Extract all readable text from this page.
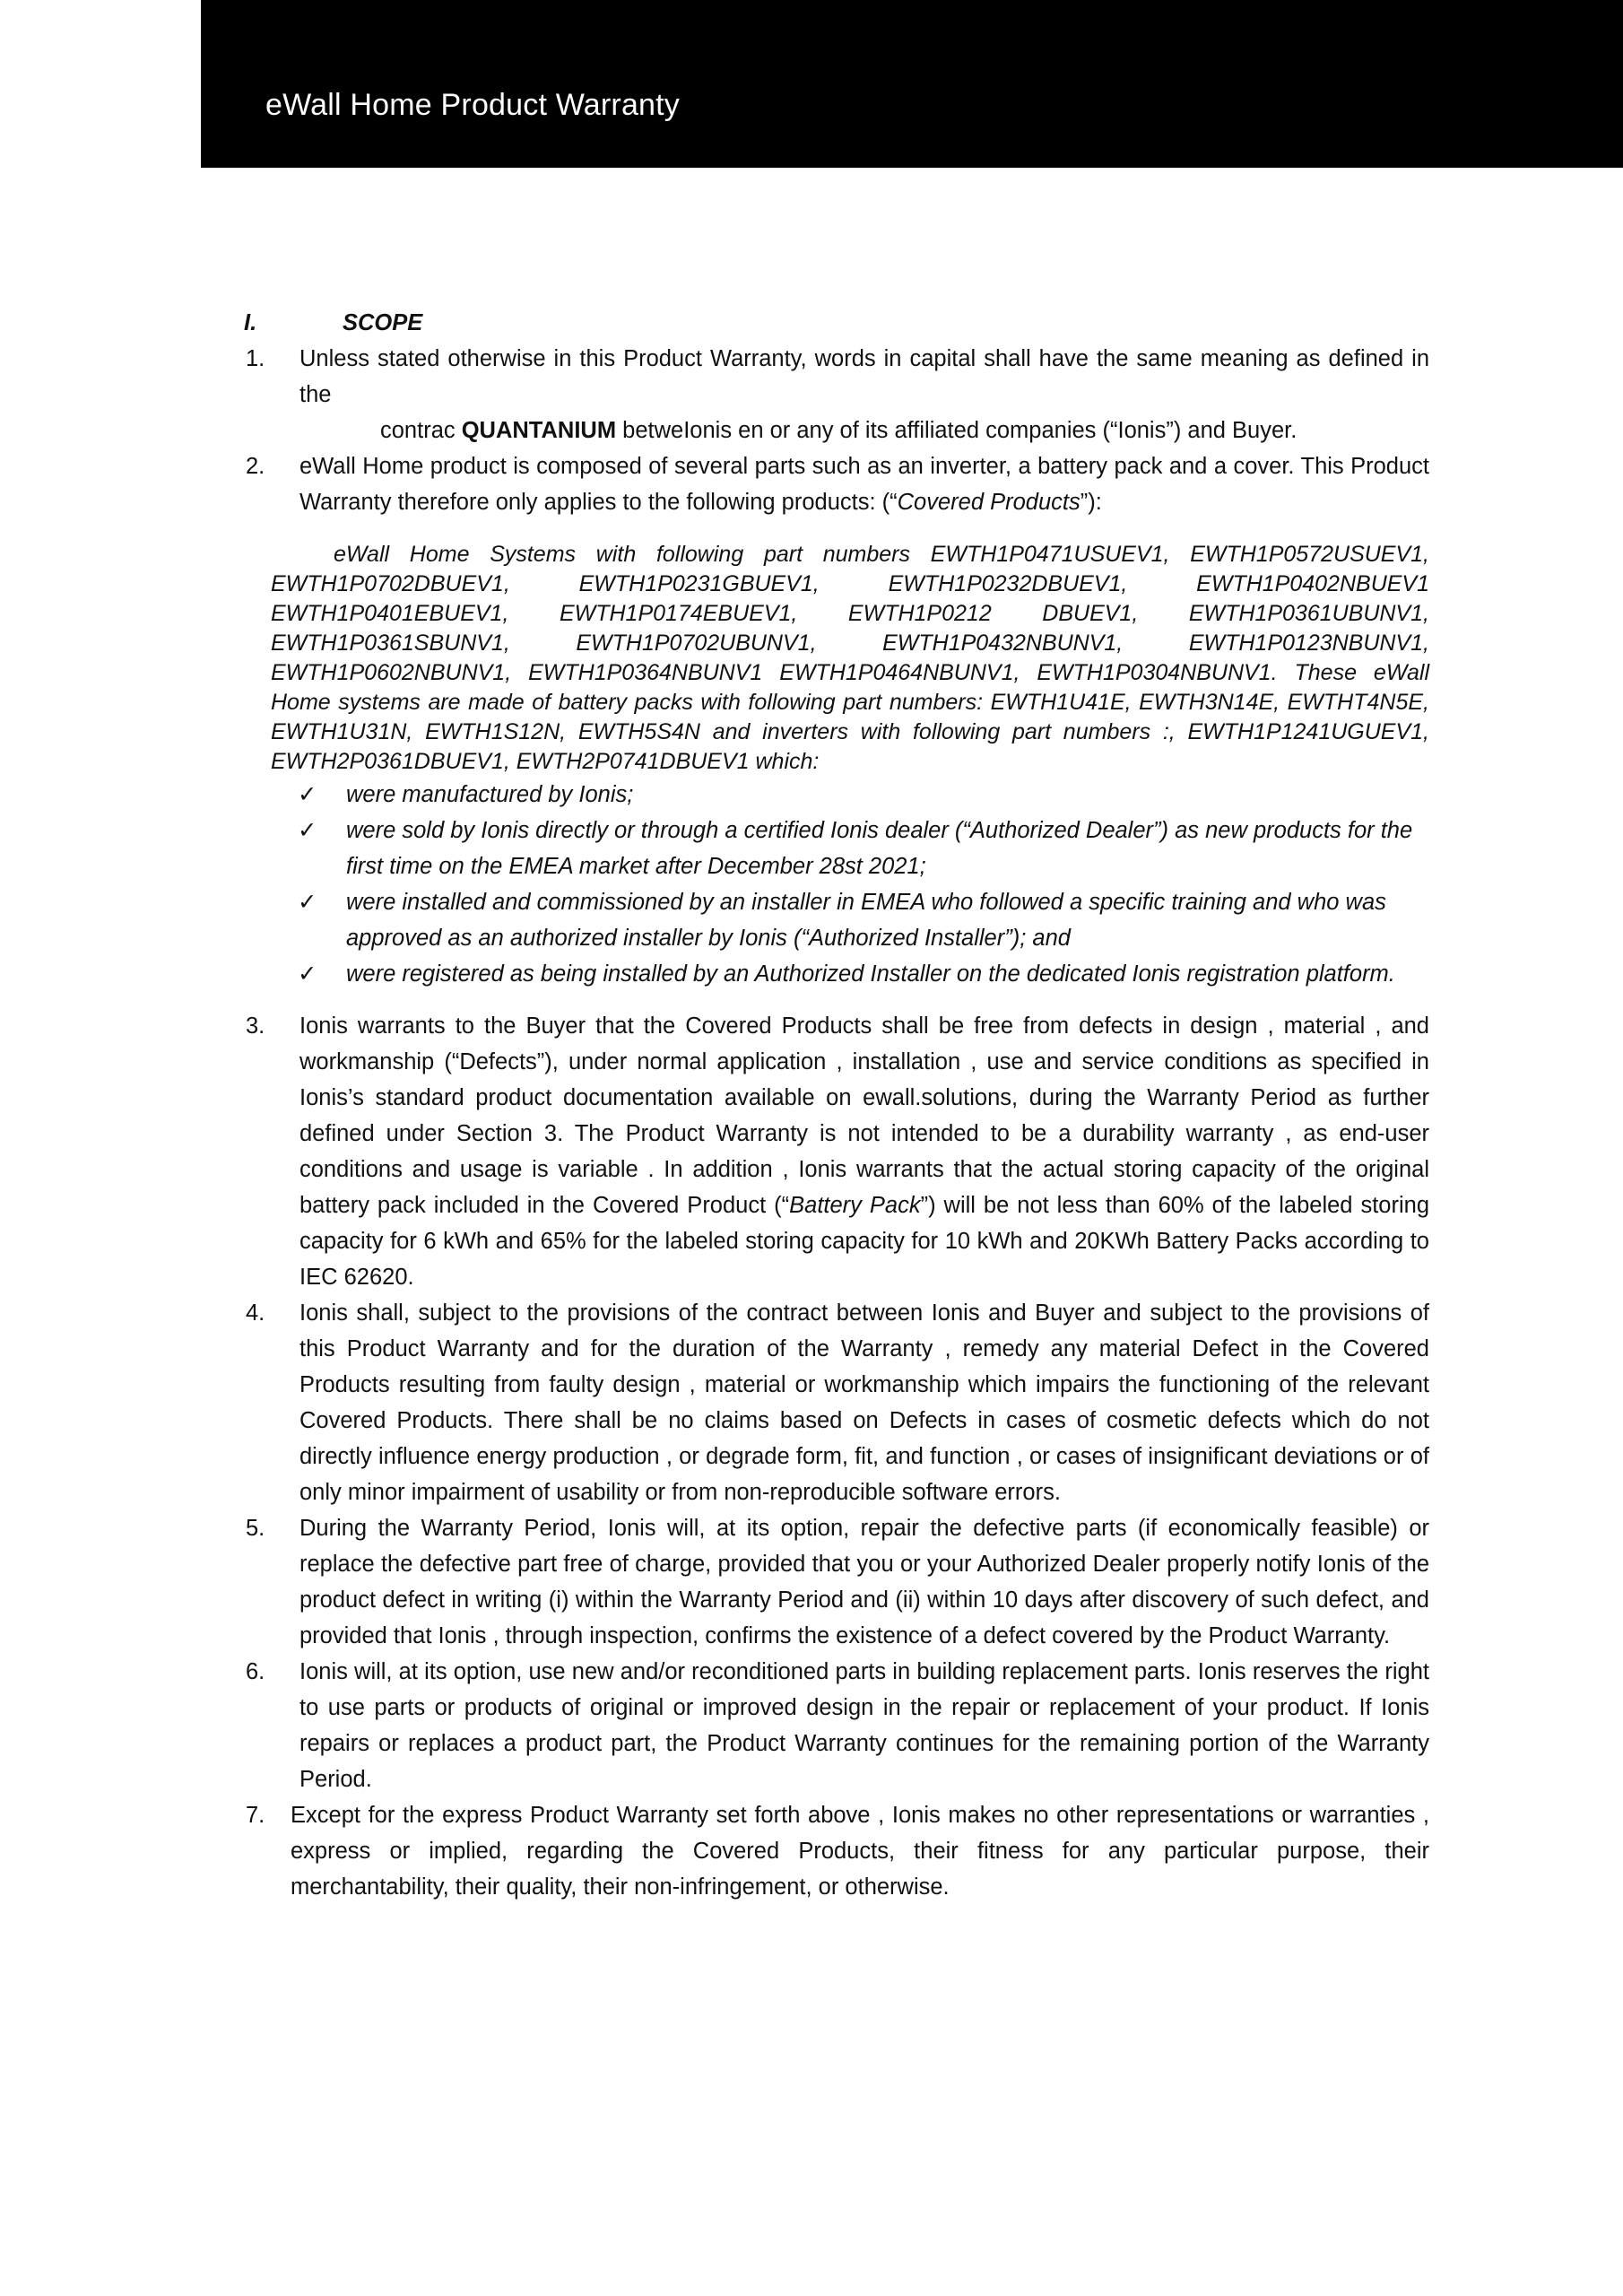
eWall Home Product Warranty
I.	SCOPE
1.	Unless stated otherwise in this Product Warranty, words in capital shall have the same meaning as defined in the
contrac QUANTANIUM betweIonis en or any of its affiliated companies (“Ionis”) and Buyer.
2.	eWall Home product is composed of several parts such as an inverter, a battery pack and a cover. This Product Warranty therefore only applies to the following products: (“Covered Products”):
eWall Home Systems with following part numbers EWTH1P0471USUEV1, EWTH1P0572USUEV1, EWTH1P0702DBUEV1, EWTH1P0231GBUEV1, EWTH1P0232DBUEV1, EWTH1P0402NBUEV1 EWTH1P0401EBUEV1, EWTH1P0174EBUEV1, EWTH1P0212 DBUEV1, EWTH1P0361UBUNV1, EWTH1P0361SBUNV1, EWTH1P0702UBUNV1, EWTH1P0432NBUNV1, EWTH1P0123NBUNV1, EWTH1P0602NBUNV1, EWTH1P0364NBUNV1 EWTH1P0464NBUNV1, EWTH1P0304NBUNV1. These eWall Home systems are made of battery packs with following part numbers: EWTH1U41E, EWTH3N14E, EWTHT4N5E, EWTH1U31N, EWTH1S12N, EWTH5S4N and inverters with following part numbers :, EWTH1P1241UGUEV1, EWTH2P0361DBUEV1, EWTH2P0741DBUEV1 which:
✓	were manufactured by Ionis;
✓	were sold by Ionis directly or through a certified Ionis dealer (“Authorized Dealer”) as new products for the first time on the EMEA market after December 28st 2021;
✓	were installed and commissioned by an installer in EMEA who followed a specific training and who was approved as an authorized installer by Ionis (“Authorized Installer”); and
✓	were registered as being installed by an Authorized Installer on the dedicated Ionis registration platform.
3.	Ionis warrants to the Buyer that the Covered Products shall be free from defects in design , material , and workmanship (“Defects”), under normal application , installation , use and service conditions as specified in Ionis’s standard product documentation available on ewall.solutions, during the Warranty Period as further defined under Section 3. The Product Warranty is not intended to be a durability warranty , as end-user conditions and usage is variable . In addition , Ionis warrants that the actual storing capacity of the original battery pack included in the Covered Product (“Battery Pack”) will be not less than 60% of the labeled storing capacity for 6 kWh and 65% for the labeled storing capacity for 10 kWh and 20KWh Battery Packs according to IEC 62620.
4.	Ionis shall, subject to the provisions of the contract between Ionis and Buyer and subject to the provisions of this Product Warranty and for the duration of the Warranty , remedy any material Defect in the Covered Products resulting from faulty design , material or workmanship which impairs the functioning of the relevant Covered Products. There shall be no claims based on Defects in cases of cosmetic defects which do not directly influence energy production , or degrade form, fit, and function , or cases of insignificant deviations or of only minor impairment of usability or from non-reproducible software errors.
5.	During the Warranty Period, Ionis will, at its option, repair the defective parts (if economically feasible) or replace the defective part free of charge, provided that you or your Authorized Dealer properly notify Ionis of the product defect in writing (i) within the Warranty Period and (ii) within 10 days after discovery of such defect, and provided that Ionis , through inspection, confirms the existence of a defect covered by the Product Warranty.
6.	Ionis will, at its option, use new and/or reconditioned parts in building replacement parts. Ionis reserves the right to use parts or products of original or improved design in the repair or replacement of your product. If Ionis repairs or replaces a product part, the Product Warranty continues for the remaining portion of the Warranty Period.
7.	Except for the express Product Warranty set forth above , Ionis makes no other representations or warranties , express or implied, regarding the Covered Products, their fitness for any particular purpose, their merchantability, their quality, their non-infringement, or otherwise.
